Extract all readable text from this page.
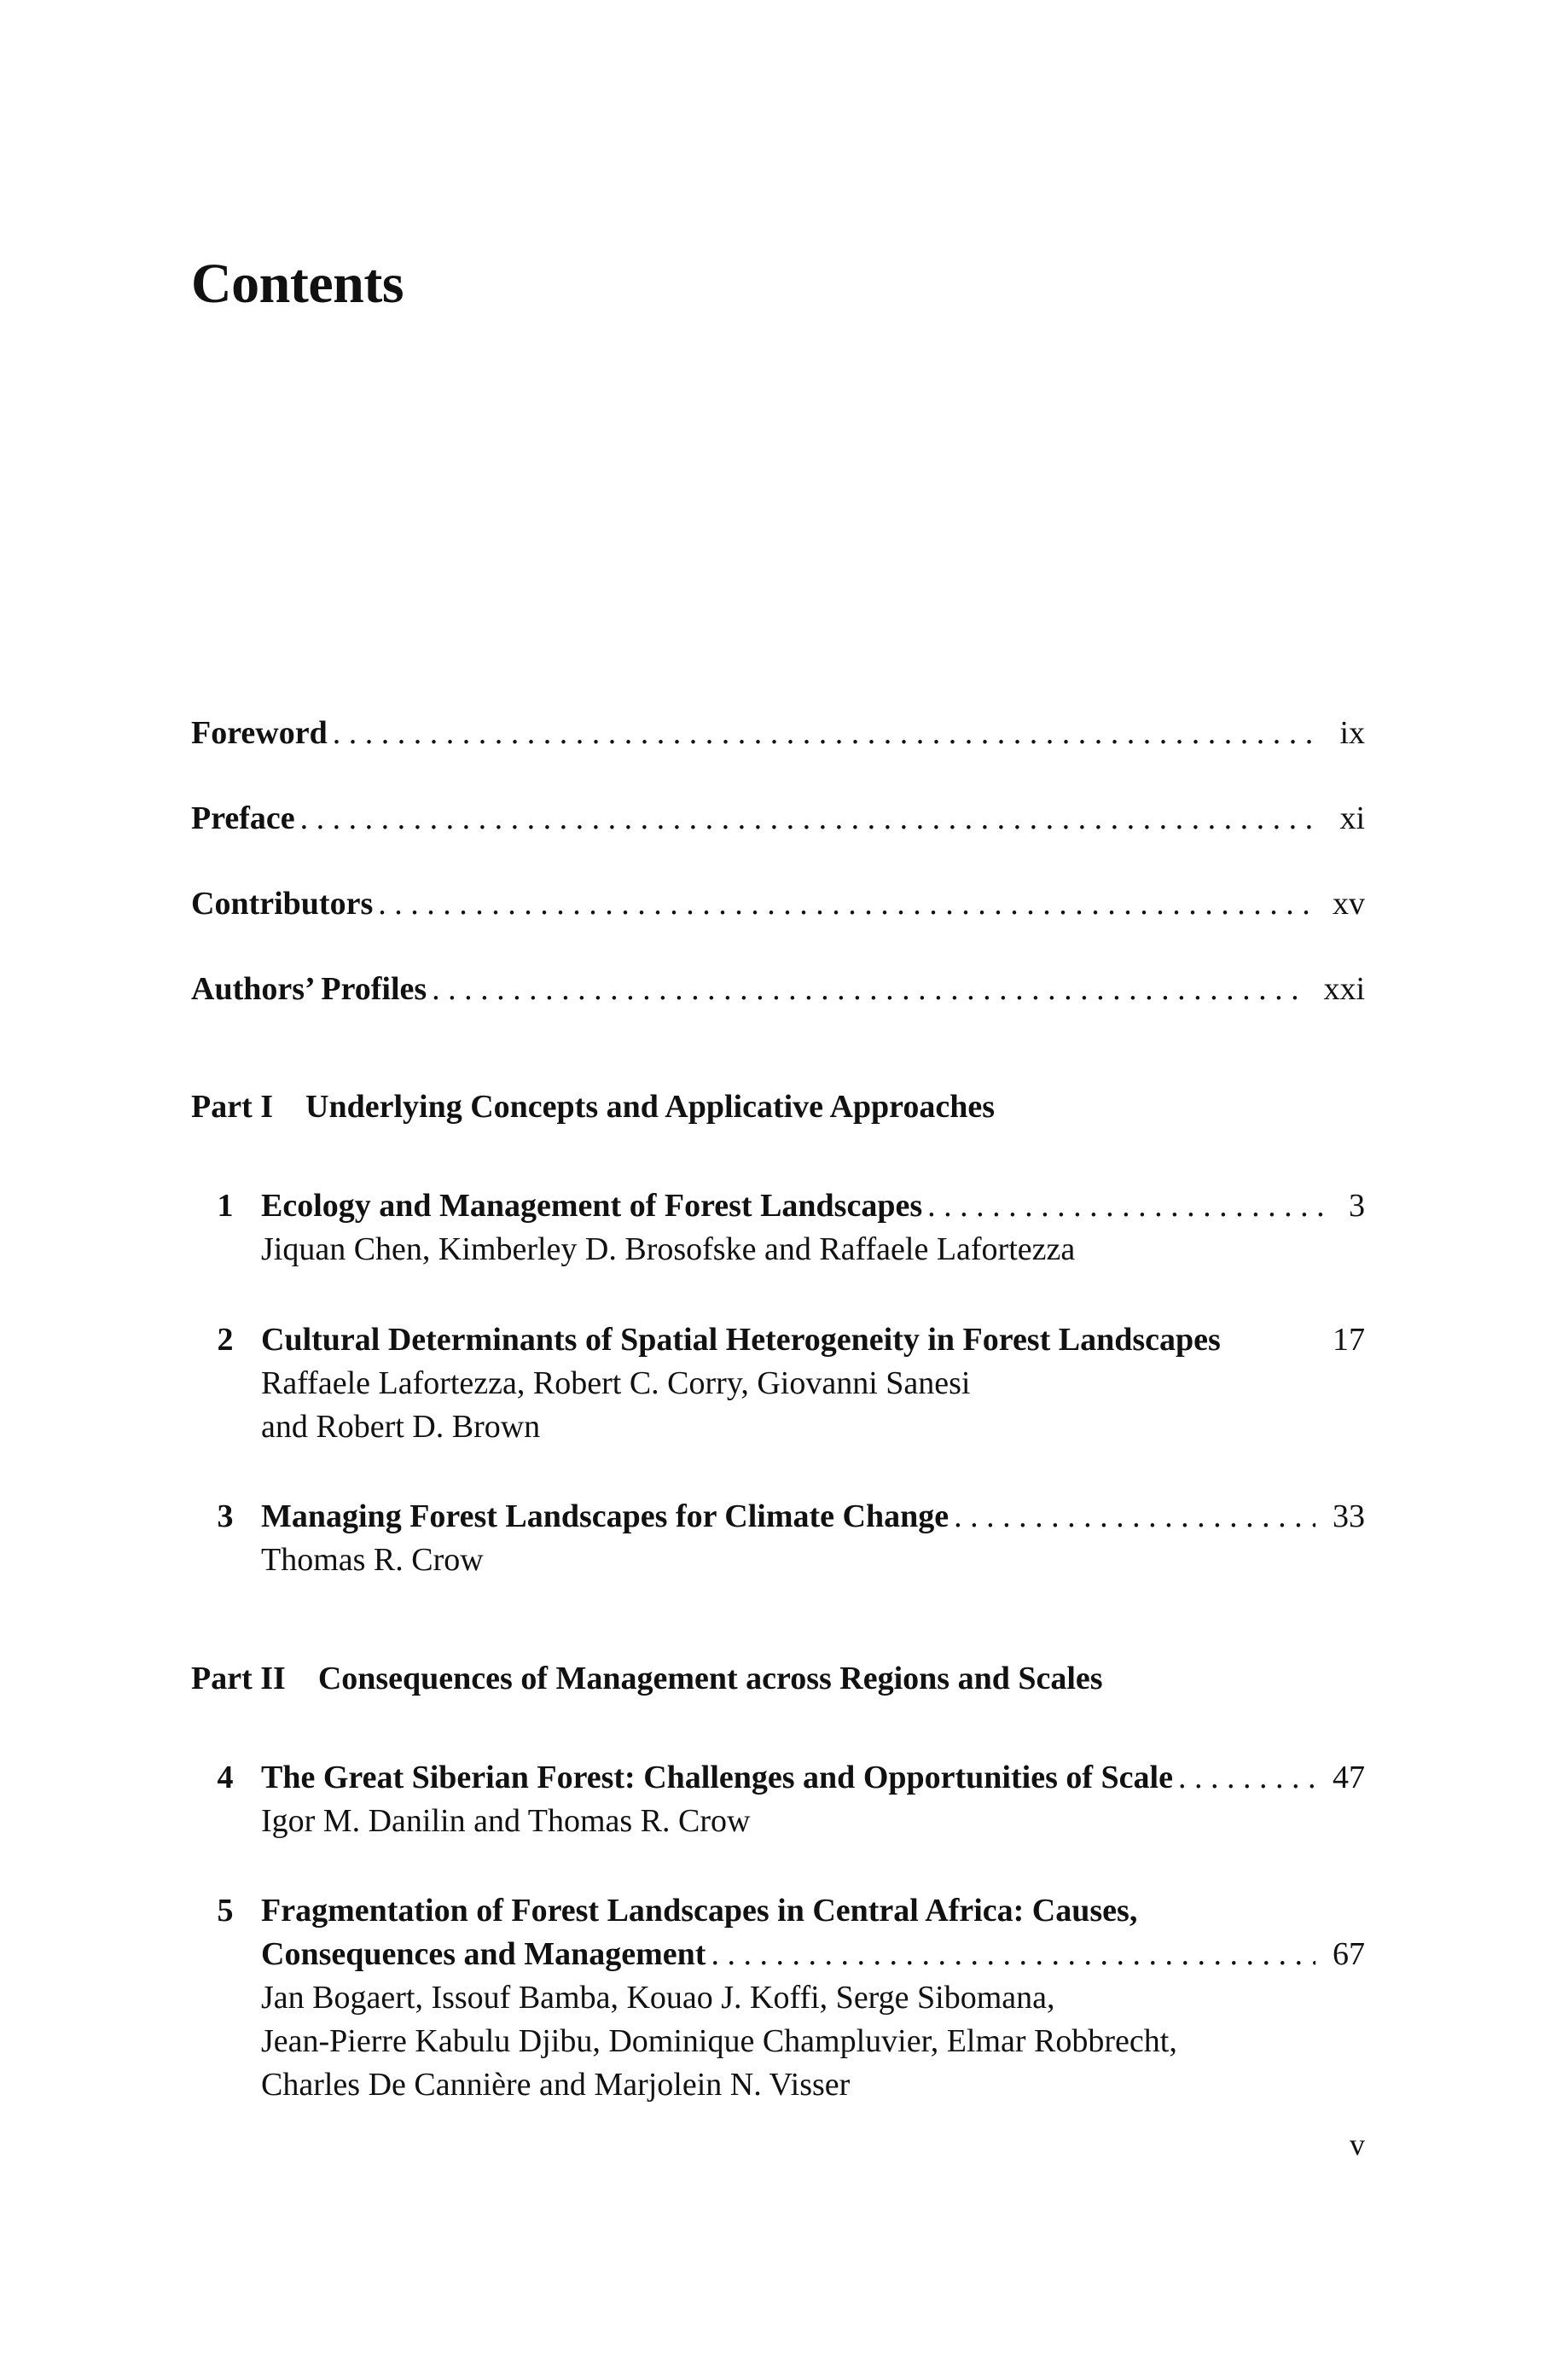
Contents
Foreword . . .	ix
Preface . . .	xi
Contributors . . .	xv
Authors’ Profiles . . .	xxi
Part I Underlying Concepts and Applicative Approaches
1 Ecology and Management of Forest Landscapes . . .	3
Jiquan Chen, Kimberley D. Brosofske and Raffaele Lafortezza
2 Cultural Determinants of Spatial Heterogeneity in Forest Landscapes	17
Raffaele Lafortezza, Robert C. Corry, Giovanni Sanesi
and Robert D. Brown
3 Managing Forest Landscapes for Climate Change . . .	33
Thomas R. Crow
Part II Consequences of Management across Regions and Scales
4 The Great Siberian Forest: Challenges and Opportunities of Scale . . .	47
Igor M. Danilin and Thomas R. Crow
5 Fragmentation of Forest Landscapes in Central Africa: Causes,
Consequences and Management . . .	67
Jan Bogaert, Issouf Bamba, Kouao J. Koffi, Serge Sibomana,
Jean-Pierre Kabulu Djibu, Dominique Champluvier, Elmar Robbrecht,
Charles De Cannière and Marjolein N. Visser
v
